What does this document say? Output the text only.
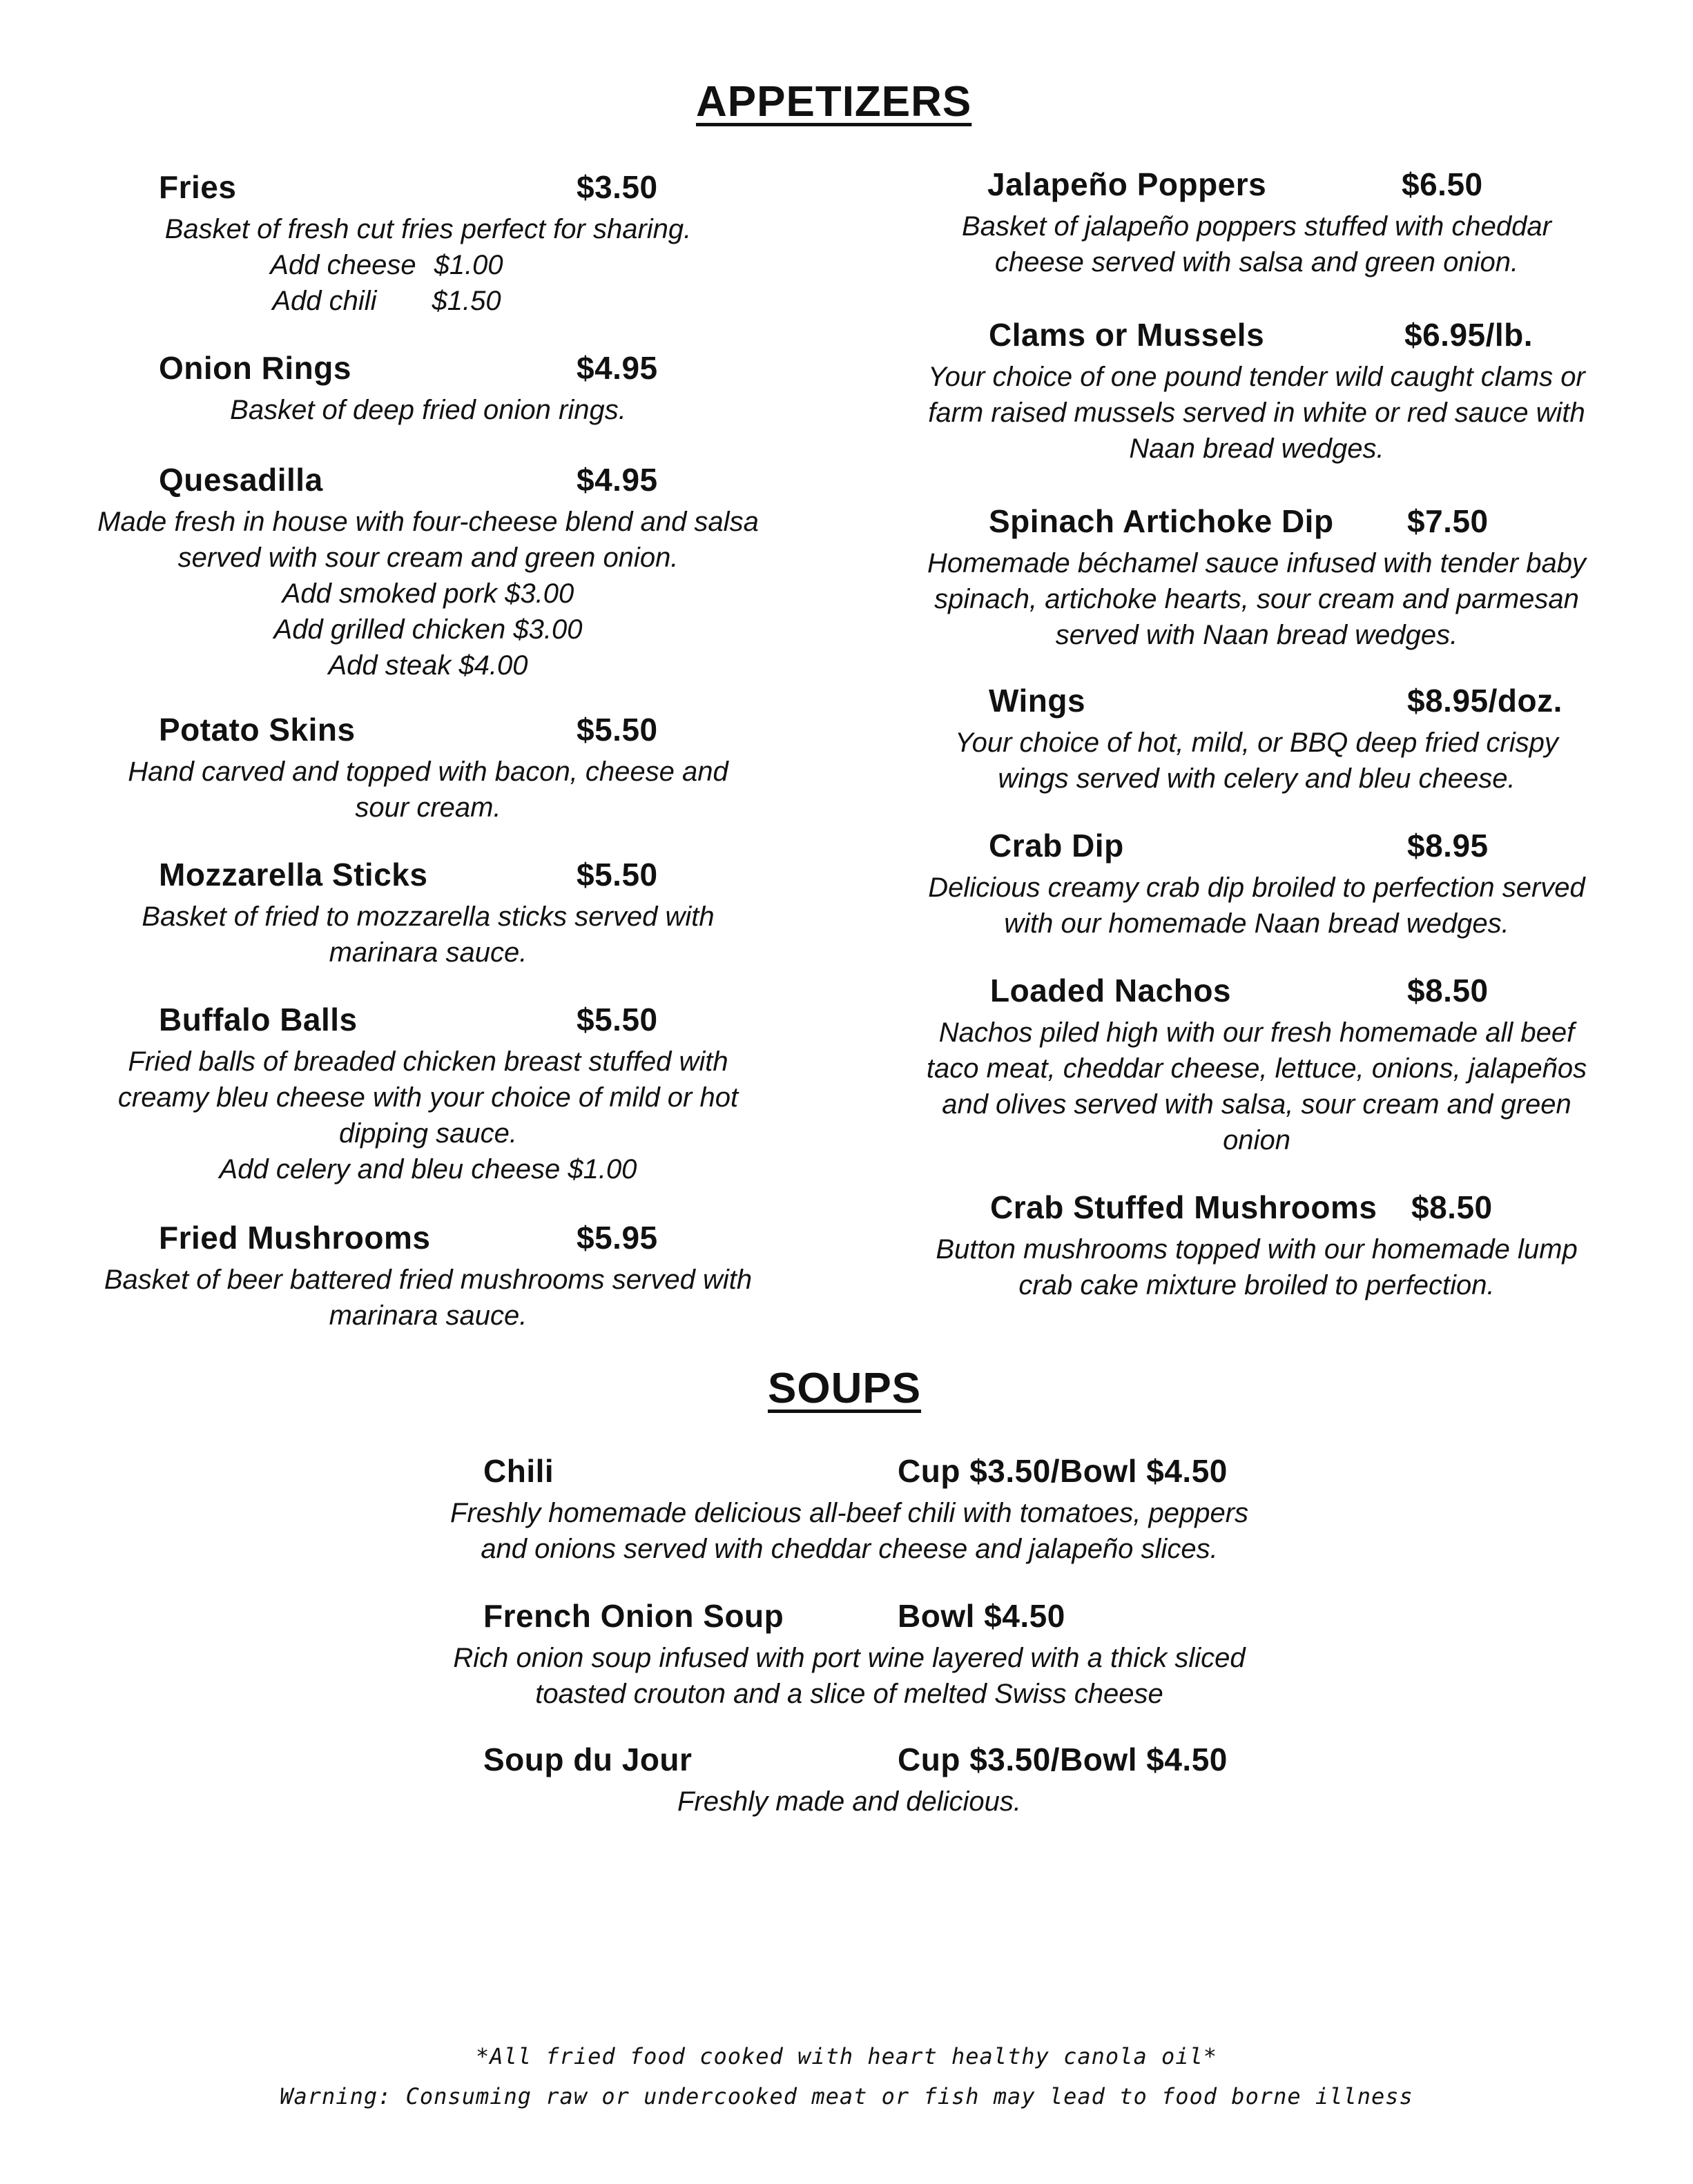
APPETIZERS
Fries	$3.50
Basket of fresh cut fries perfect for sharing.
Add cheese $1.00
Add chili $1.50
Onion Rings	$4.95
Basket of deep fried onion rings.
Quesadilla	$4.95
Made fresh in house with four-cheese blend and salsa
served with sour cream and green onion.
Add smoked pork $3.00
Add grilled chicken $3.00
Add steak $4.00
Potato Skins	$5.50
Hand carved and topped with bacon, cheese and
sour cream.
Mozzarella Sticks	$5.50
Basket of fried to mozzarella sticks served with
marinara sauce.
Buffalo Balls	$5.50
Fried balls of breaded chicken breast stuffed with
creamy bleu cheese with your choice of mild or hot
dipping sauce.
Add celery and bleu cheese $1.00
Fried Mushrooms	$5.95
Basket of beer battered fried mushrooms served with
marinara sauce.
Jalapeño Poppers	$6.50
Basket of jalapeño poppers stuffed with cheddar
cheese served with salsa and green onion.
Clams or Mussels	$6.95/lb.
Your choice of one pound tender wild caught clams or
farm raised mussels served in white or red sauce with
Naan bread wedges.
Spinach Artichoke Dip $7.50
Homemade béchamel sauce infused with tender baby
spinach, artichoke hearts, sour cream and parmesan
served with Naan bread wedges.
Wings	$8.95/doz.
Your choice of hot, mild, or BBQ deep fried crispy
wings served with celery and bleu cheese.
Crab Dip	$8.95
Delicious creamy crab dip broiled to perfection served
with our homemade Naan bread wedges.
Loaded Nachos	$8.50
Nachos piled high with our fresh homemade all beef
taco meat, cheddar cheese, lettuce, onions, jalapeños
and olives served with salsa, sour cream and green
onion
Crab Stuffed Mushrooms $8.50
Button mushrooms topped with our homemade lump
crab cake mixture broiled to perfection.
SOUPS
Chili	Cup $3.50/Bowl $4.50
Freshly homemade delicious all-beef chili with tomatoes, peppers
and onions served with cheddar cheese and jalapeño slices.
French Onion Soup	Bowl $4.50
Rich onion soup infused with port wine layered with a thick sliced
toasted crouton and a slice of melted Swiss cheese
Soup du Jour	Cup $3.50/Bowl $4.50
Freshly made and delicious.
*All fried food cooked with heart healthy canola oil*
Warning: Consuming raw or undercooked meat or fish may lead to food borne illness
